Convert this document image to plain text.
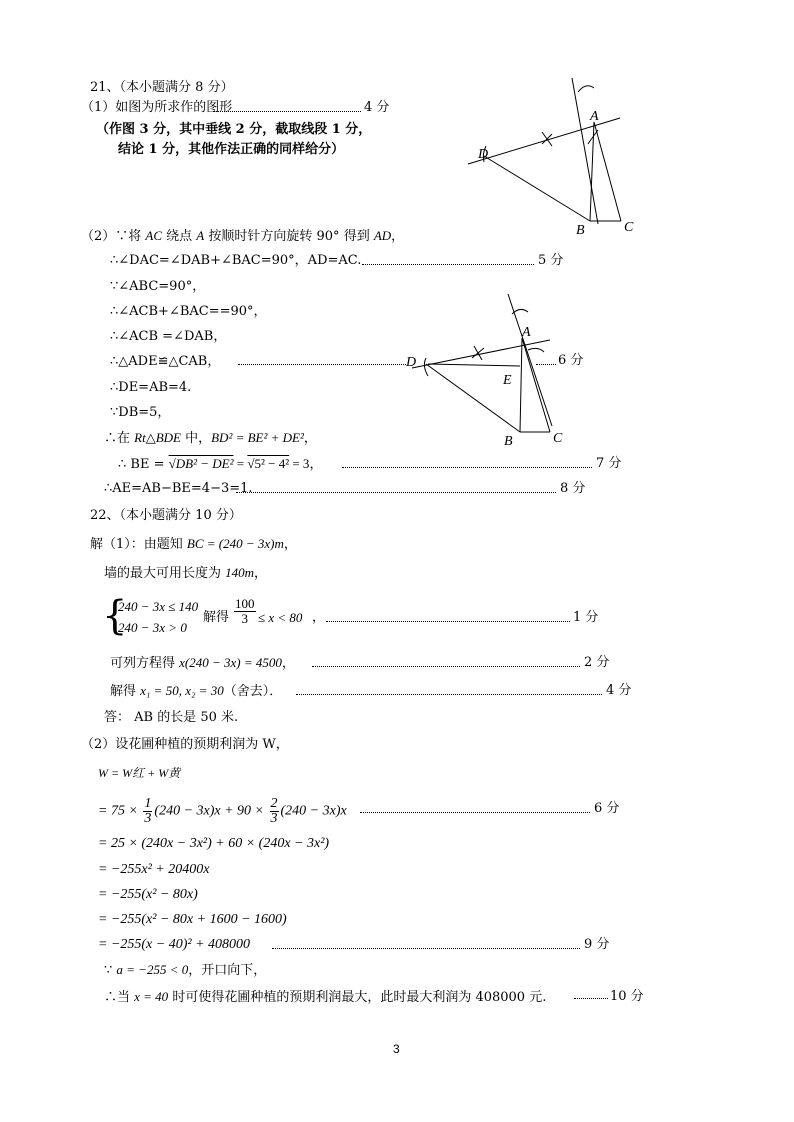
21、（本小题满分 8 分）
（1）如图为所求作的图形	4 分
（作图 3 分，其中垂线 2 分，截取线段 1 分，
结论 1 分，其他作法正确的同样给分）
A
D
B	C
（2）∵将 AC 绕点 A 按顺时针方向旋转 90° 得到 AD，
∴∠DAC=∠DAB+∠BAC=90°，AD=AC.	5 分
∵∠ABC=90°，
∴∠ACB+∠BAC==90°，
∴∠ACB =∠DAB，
∴△ADE≌△CAB，	6 分
∴DE=AB=4.
∵DB=5，
∴在 Rt△BDE 中，BD² = BE² + DE²，
∴ BE = √DB² − DE² = √5² − 4² = 3，	7 分
∴AE=AB−BE=4−3=1.	8 分
A
D
E
B	C
22、（本小题满分 10 分）
解（1）：由题知 BC = (240 − 3x)m，
墙的最大可用长度为 140m，
{
240 − 3x ≤ 140
240 − 3x > 0
解得 $\frac{100}{3} \le x < 80$ ，	1 分
可列方程得 x(240 − 3x) = 4500，	2 分
解得 x₁ = 50, x₂ = 30（舍去）．	4 分
答： AB 的长是 50 米.
（2）设花圃种植的预期利润为 W，
W = W红 + W黄
= $75 \times \frac{1}{3} (240 - 3x)x + 90 \times \frac{2}{3} (240 - 3x)x$	6 分
= 25 × (240x − 3x²) + 60 × (240x − 3x²)
= −255x² + 20400x
= −255(x² − 80x)
= −255(x² − 80x + 1600 − 1600)
= −255(x − 40)² + 408000	9 分
∵ a = −255 < 0，开口向下，
∴当 x = 40 时可使得花圃种植的预期利润最大，此时最大利润为 408000 元.	10 分
3
